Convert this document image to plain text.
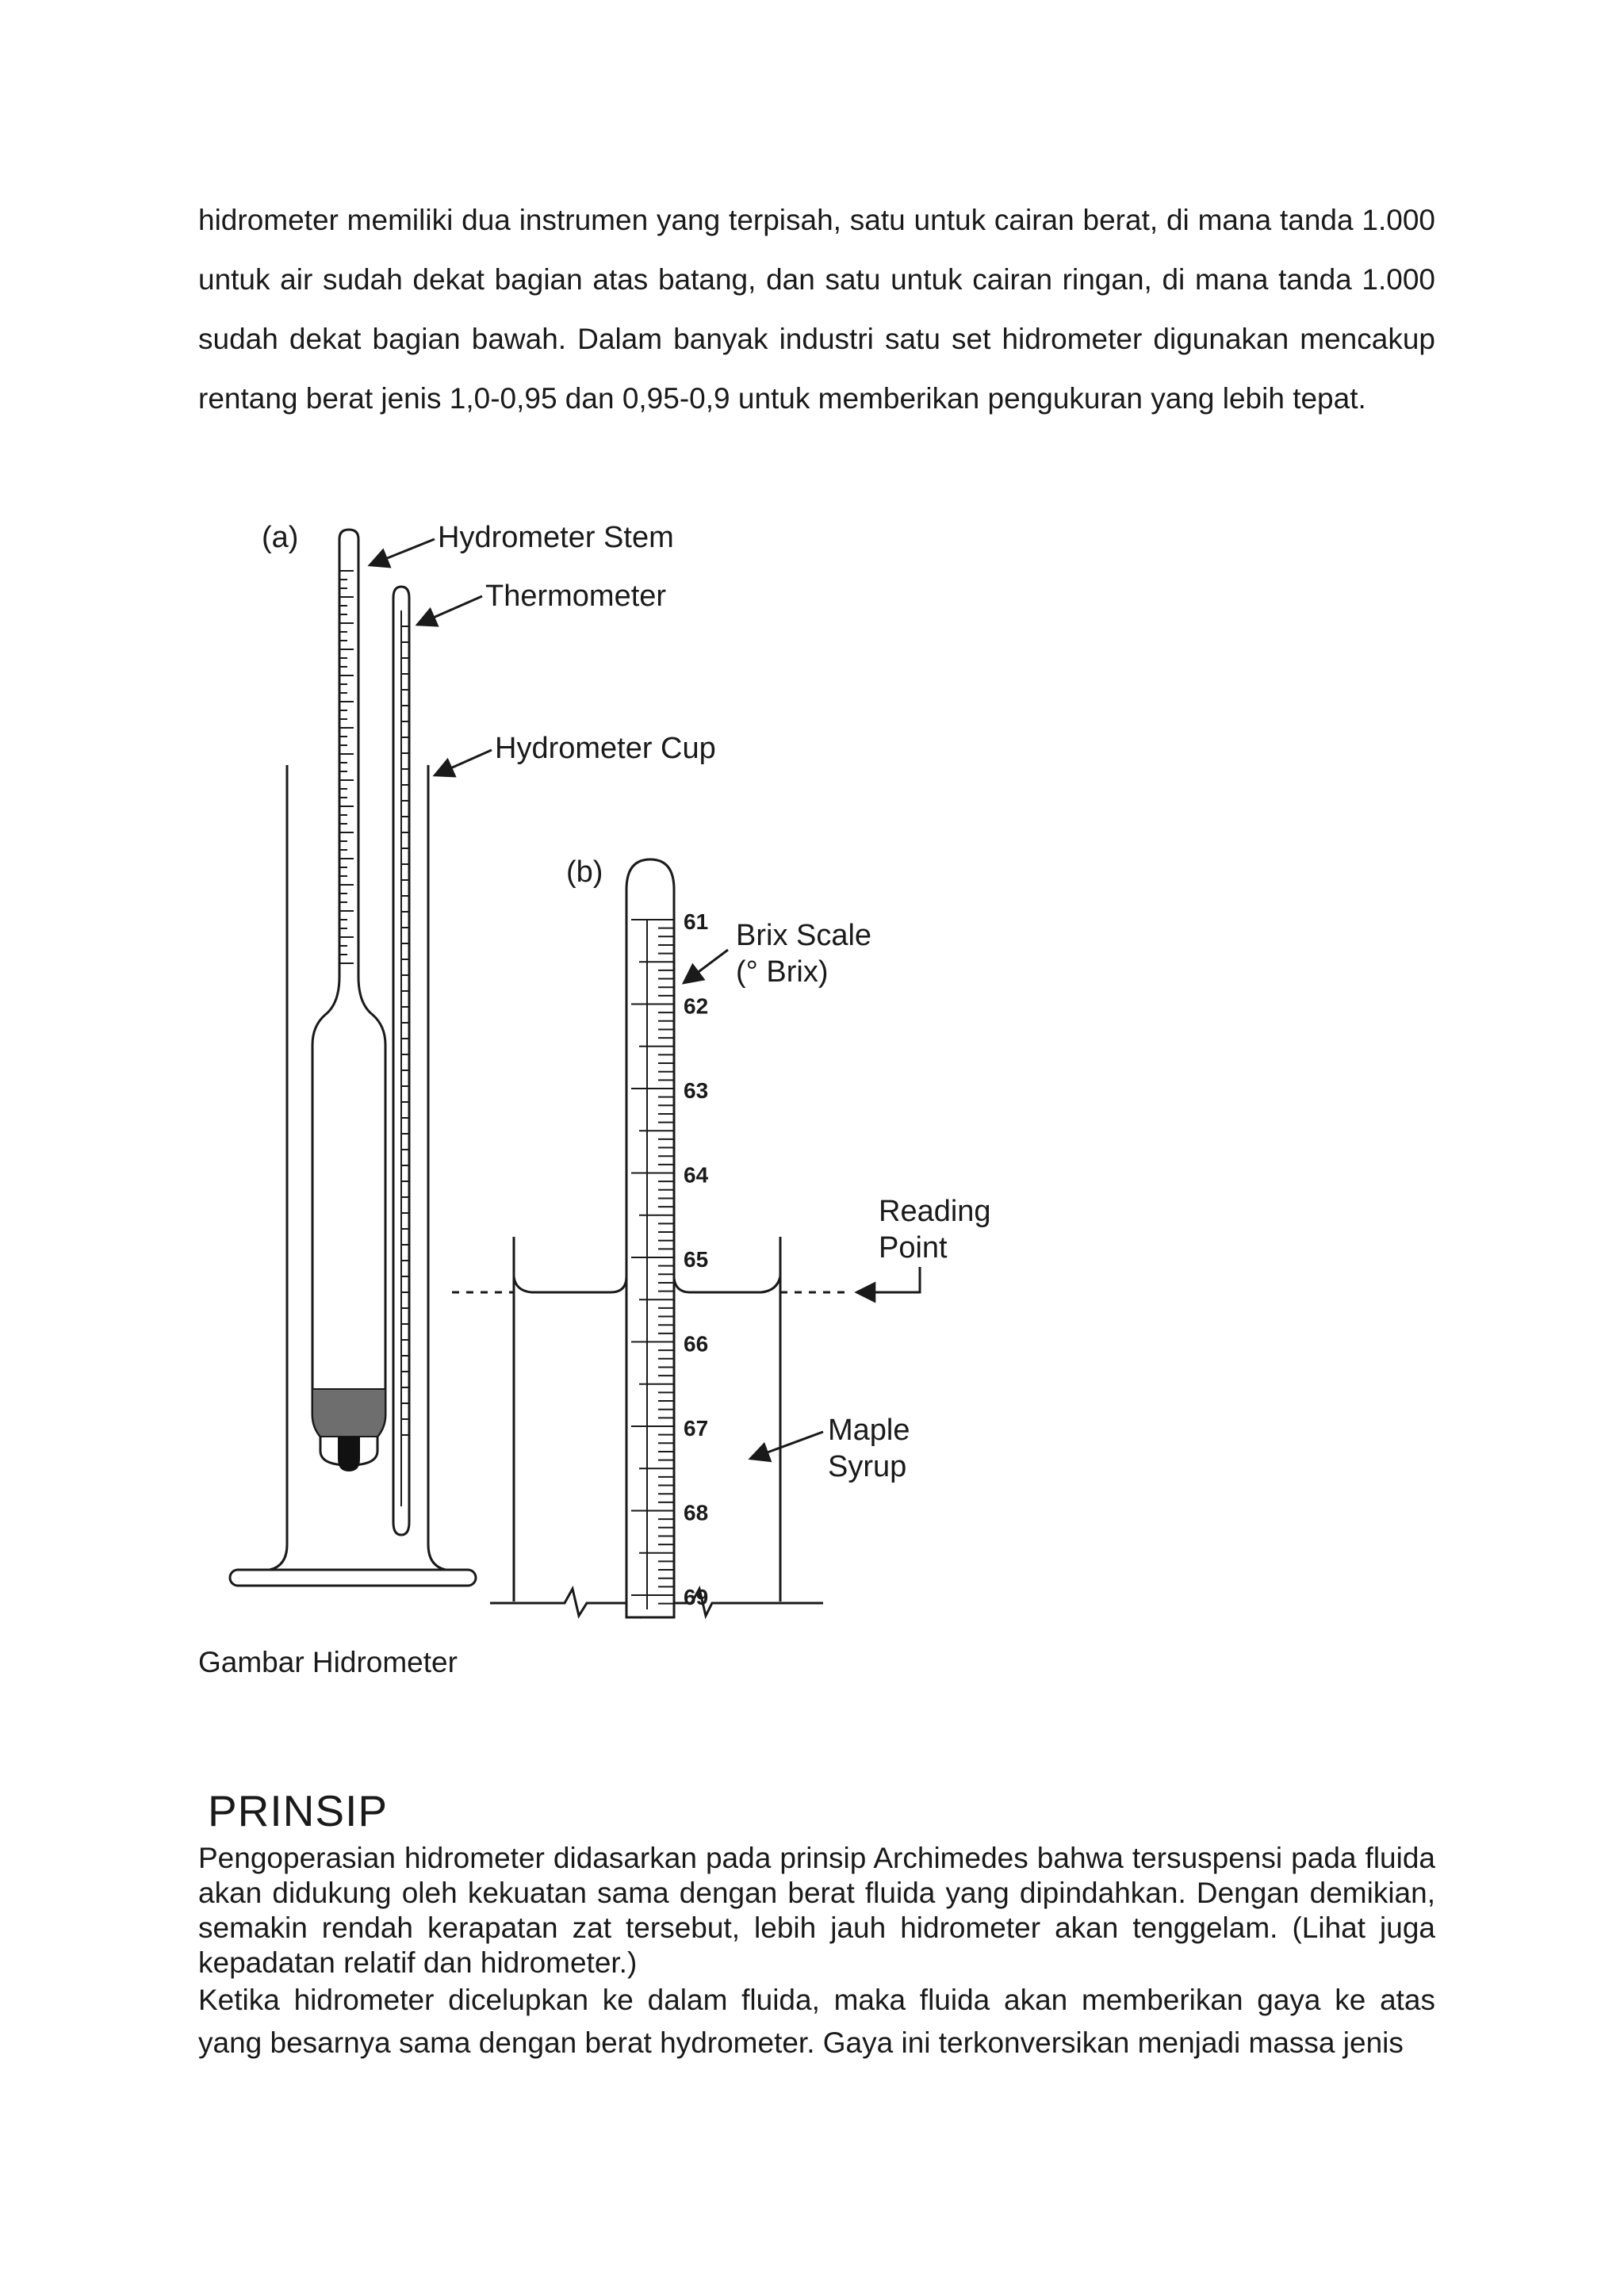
hidrometer memiliki dua instrumen yang terpisah, satu untuk cairan berat, di mana tanda 1.000 untuk air sudah dekat bagian atas batang, dan satu untuk cairan ringan, di mana tanda 1.000 sudah dekat bagian bawah. Dalam banyak industri satu set hidrometer digunakan mencakup rentang berat jenis 1,0-0,95 dan 0,95-0,9 untuk memberikan pengukuran yang lebih tepat.

(a)	Hydrometer Stem
Thermometer
Hydrometer Cup
(b)
61
62
63
64
65
66
67
68
69
Brix Scale
(° Brix)
Reading
Point
Maple
Syrup

Gambar Hidrometer

PRINSIP

Pengoperasian hidrometer didasarkan pada prinsip Archimedes bahwa tersuspensi pada fluida akan didukung oleh kekuatan sama dengan berat fluida yang dipindahkan. Dengan demikian, semakin rendah kerapatan zat tersebut, lebih jauh hidrometer akan tenggelam. (Lihat juga kepadatan relatif dan hidrometer.)

Ketika hidrometer dicelupkan ke dalam fluida, maka fluida akan memberikan gaya ke atas yang besarnya sama dengan berat hydrometer. Gaya ini terkonversikan menjadi massa jenis
